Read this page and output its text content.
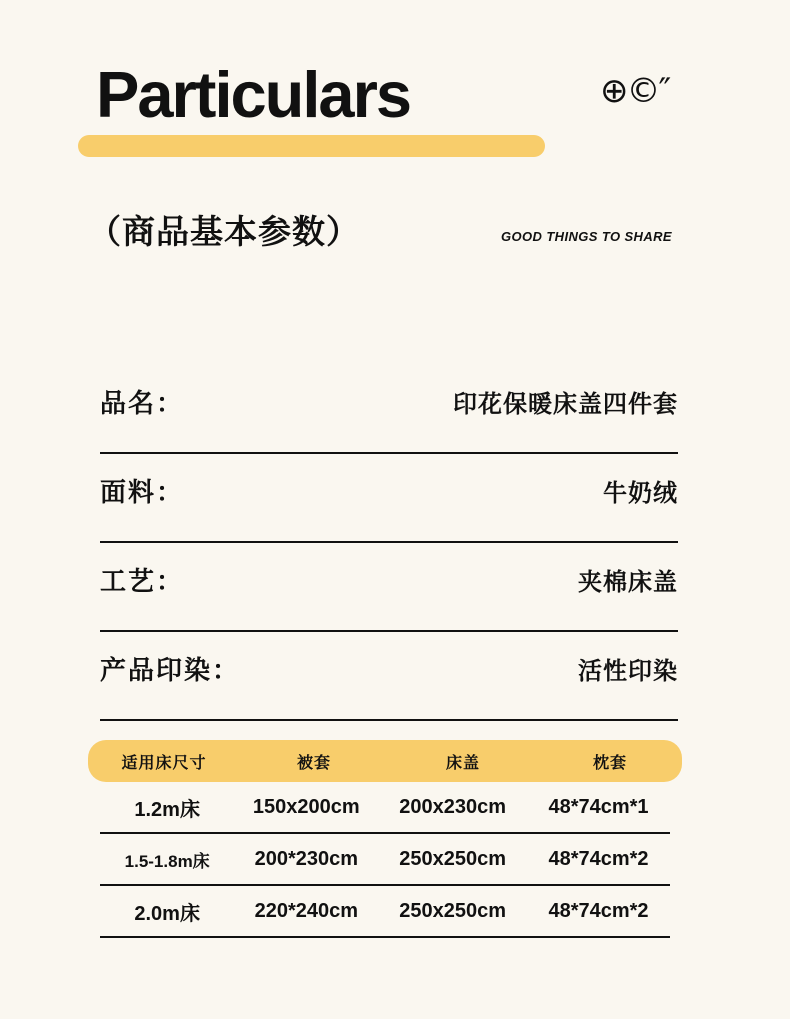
Particulars	⊕©″
（商品基本参数）	GOOD THINGS TO SHARE
品名：	印花保暖床盖四件套
面料：	牛奶绒
工艺：	夹棉床盖
产品印染：	活性印染
适用床尺寸	被套	床盖	枕套
1.2m床	150x200cm	200x230cm	48*74cm*1
1.5-1.8m床	200*230cm	250x250cm	48*74cm*2
2.0m床	220*240cm	250x250cm	48*74cm*2
